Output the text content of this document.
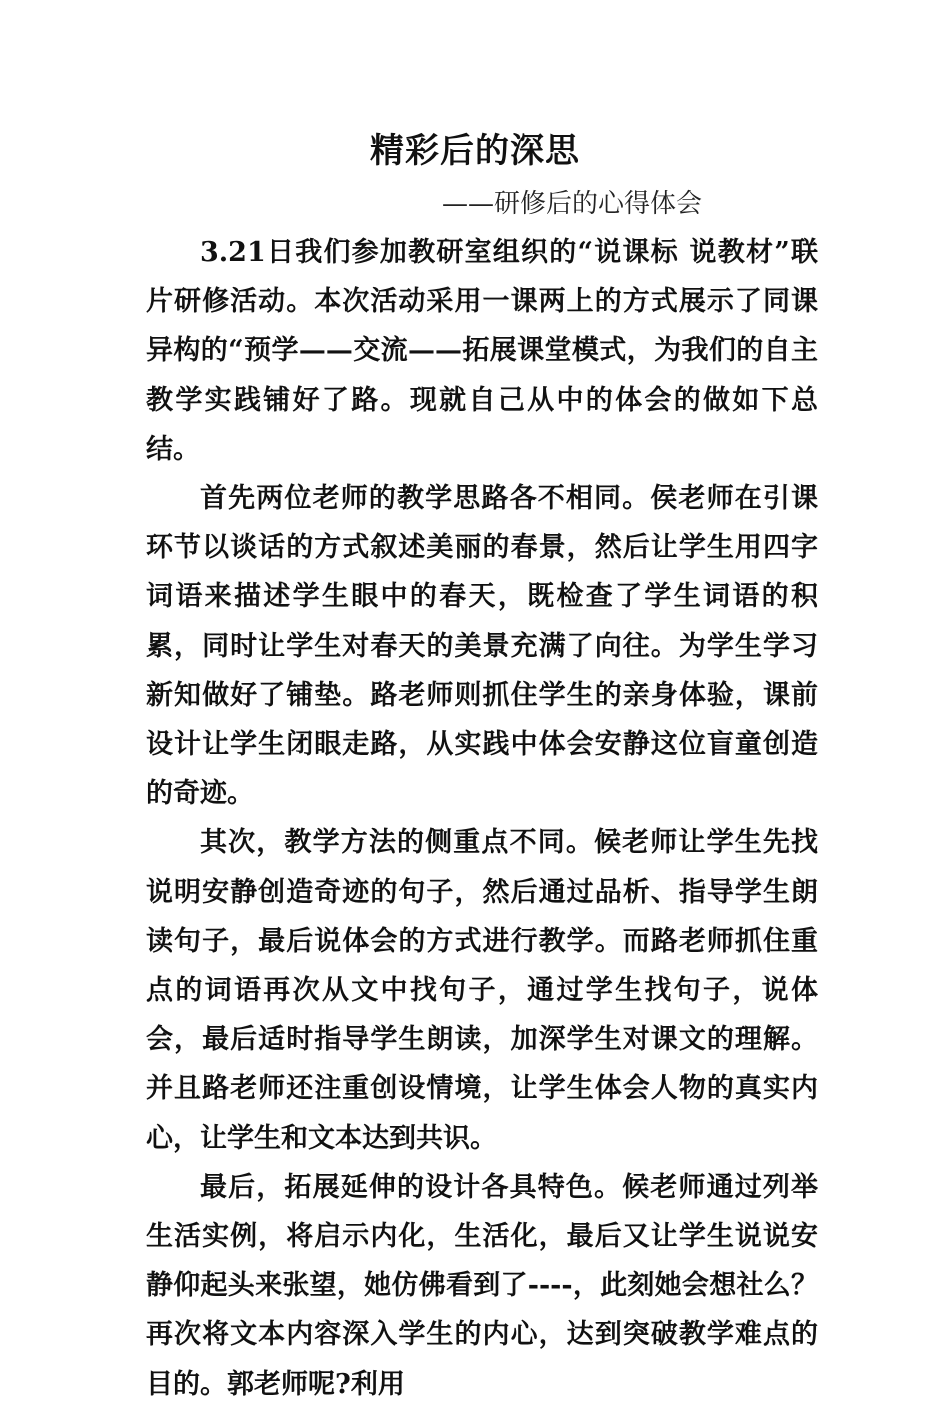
精彩后的深思
——研修后的心得体会

3.21日我们参加教研室组织的“说课标 说教材”联片研修活动。本次活动采用一课两上的方式展示了同课异构的“预学——交流——拓展课堂模式，为我们的自主教学实践铺好了路。现就自己从中的体会的做如下总结。

首先两位老师的教学思路各不相同。侯老师在引课环节以谈话的方式叙述美丽的春景，然后让学生用四字词语来描述学生眼中的春天，既检查了学生词语的积累，同时让学生对春天的美景充满了向往。为学生学习新知做好了铺垫。路老师则抓住学生的亲身体验，课前设计让学生闭眼走路，从实践中体会安静这位盲童创造的奇迹。

其次，教学方法的侧重点不同。候老师让学生先找说明安静创造奇迹的句子，然后通过品析、指导学生朗读句子，最后说体会的方式进行教学。而路老师抓住重点的词语再次从文中找句子，通过学生找句子，说体会，最后适时指导学生朗读，加深学生对课文的理解。并且路老师还注重创设情境，让学生体会人物的真实内心，让学生和文本达到共识。

最后，拓展延伸的设计各具特色。候老师通过列举生活实例，将启示内化，生活化，最后又让学生说说安静仰起头来张望，她仿佛看到了----，此刻她会想社么？再次将文本内容深入学生的内心，达到突破教学难点的目的。郭老师呢?利用
